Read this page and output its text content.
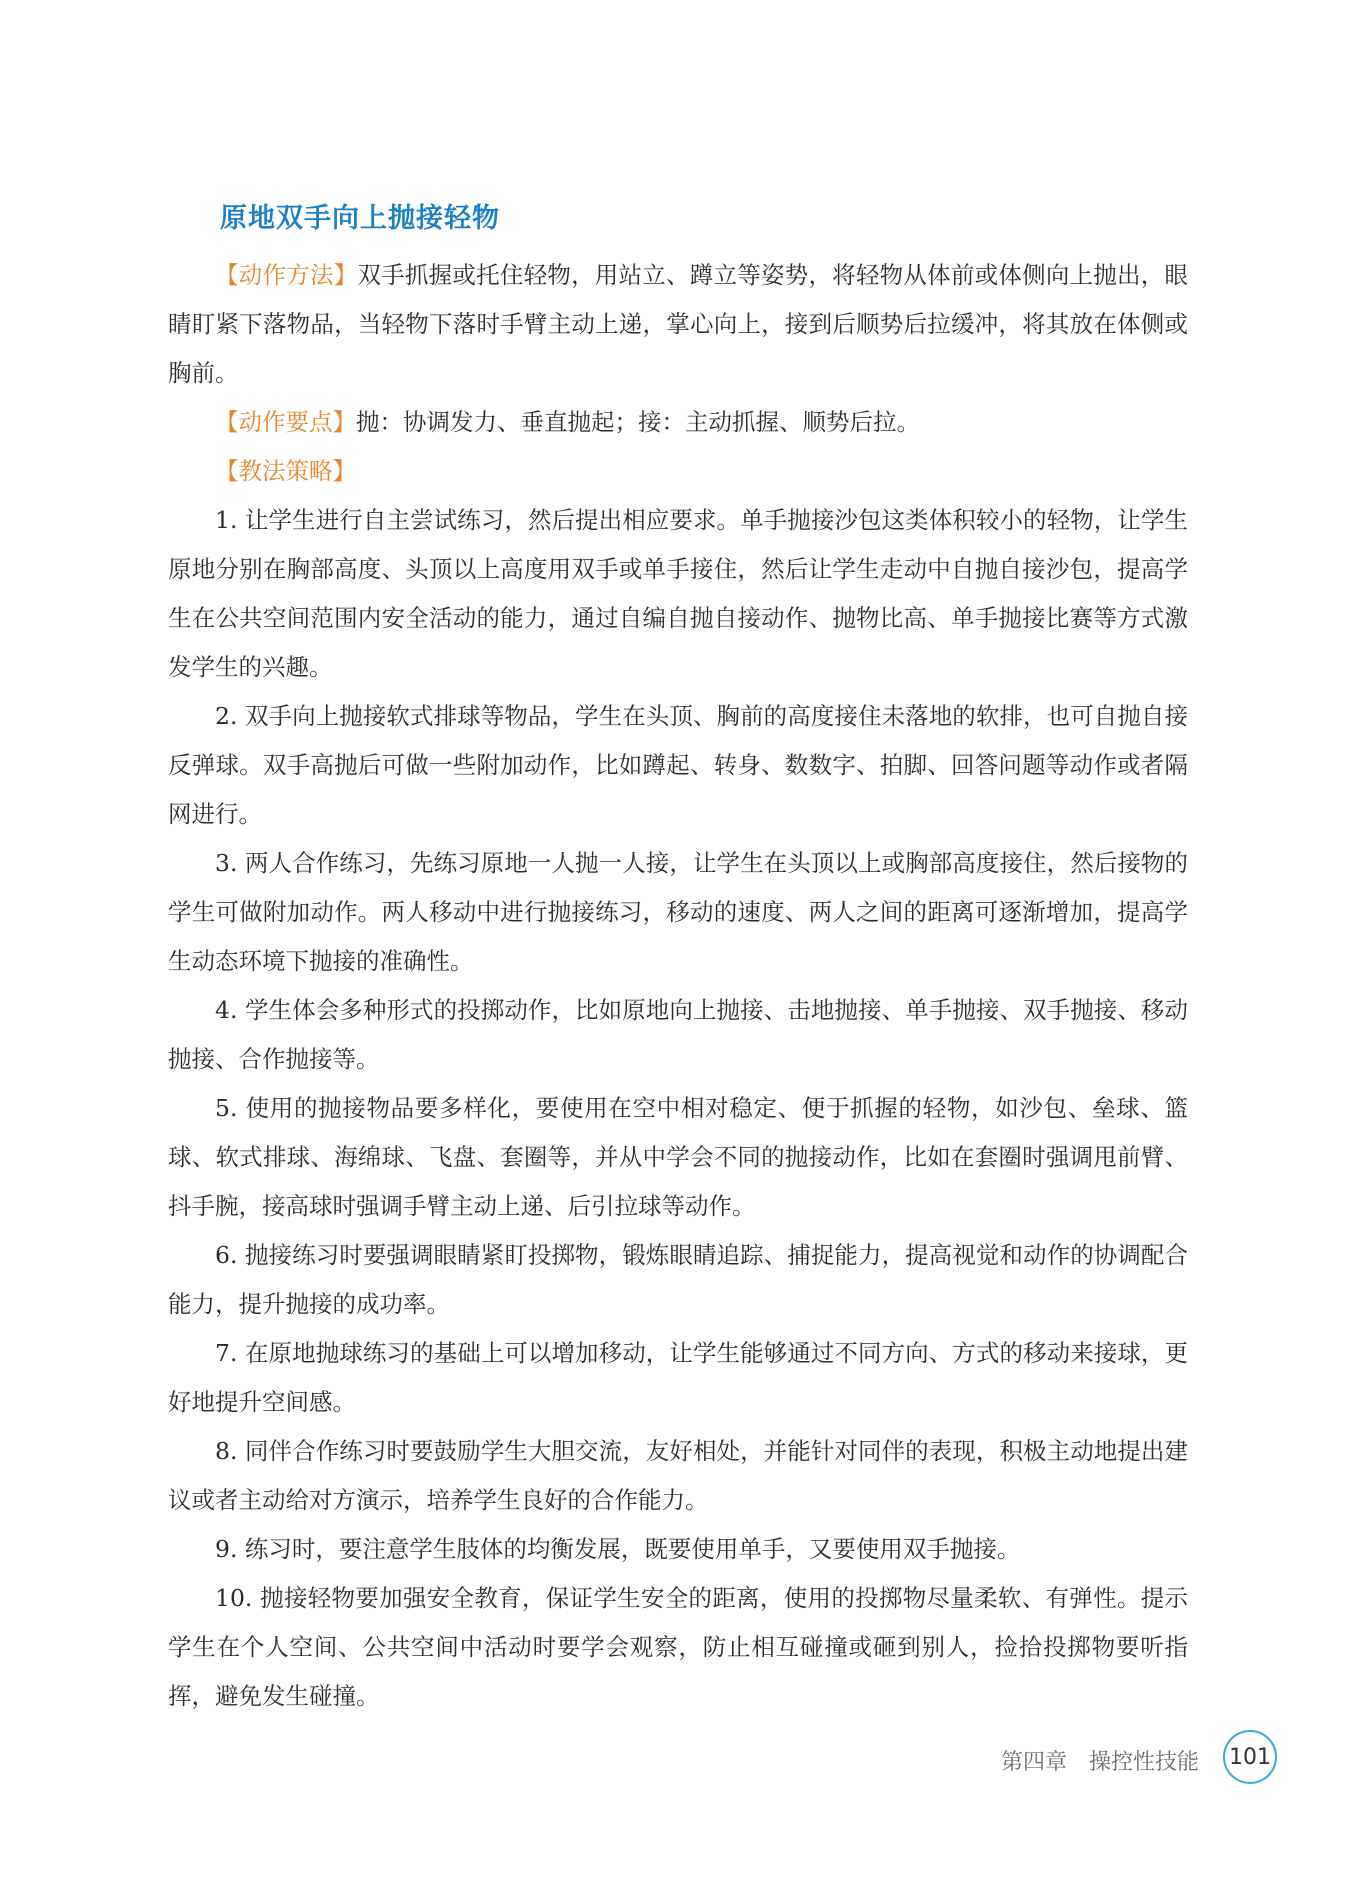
原地双手向上抛接轻物

【动作方法】双手抓握或托住轻物，用站立、蹲立等姿势，将轻物从体前或体侧向上抛出，眼睛盯紧下落物品，当轻物下落时手臂主动上递，掌心向上，接到后顺势后拉缓冲，将其放在体侧或胸前。

【动作要点】抛：协调发力、垂直抛起；接：主动抓握、顺势后拉。

【教法策略】

1. 让学生进行自主尝试练习，然后提出相应要求。单手抛接沙包这类体积较小的轻物，让学生原地分别在胸部高度、头顶以上高度用双手或单手接住，然后让学生走动中自抛自接沙包，提高学生在公共空间范围内安全活动的能力，通过自编自抛自接动作、抛物比高、单手抛接比赛等方式激发学生的兴趣。

2. 双手向上抛接软式排球等物品，学生在头顶、胸前的高度接住未落地的软排，也可自抛自接反弹球。双手高抛后可做一些附加动作，比如蹲起、转身、数数字、拍脚、回答问题等动作或者隔网进行。

3. 两人合作练习，先练习原地一人抛一人接，让学生在头顶以上或胸部高度接住，然后接物的学生可做附加动作。两人移动中进行抛接练习，移动的速度、两人之间的距离可逐渐增加，提高学生动态环境下抛接的准确性。

4. 学生体会多种形式的投掷动作，比如原地向上抛接、击地抛接、单手抛接、双手抛接、移动抛接、合作抛接等。

5. 使用的抛接物品要多样化，要使用在空中相对稳定、便于抓握的轻物，如沙包、垒球、篮球、软式排球、海绵球、飞盘、套圈等，并从中学会不同的抛接动作，比如在套圈时强调甩前臂、抖手腕，接高球时强调手臂主动上递、后引拉球等动作。

6. 抛接练习时要强调眼睛紧盯投掷物，锻炼眼睛追踪、捕捉能力，提高视觉和动作的协调配合能力，提升抛接的成功率。

7. 在原地抛球练习的基础上可以增加移动，让学生能够通过不同方向、方式的移动来接球，更好地提升空间感。

8. 同伴合作练习时要鼓励学生大胆交流，友好相处，并能针对同伴的表现，积极主动地提出建议或者主动给对方演示，培养学生良好的合作能力。

9. 练习时，要注意学生肢体的均衡发展，既要使用单手，又要使用双手抛接。

10. 抛接轻物要加强安全教育，保证学生安全的距离，使用的投掷物尽量柔软、有弹性。提示学生在个人空间、公共空间中活动时要学会观察，防止相互碰撞或砸到别人，捡拾投掷物要听指挥，避免发生碰撞。

第四章　操控性技能 101
